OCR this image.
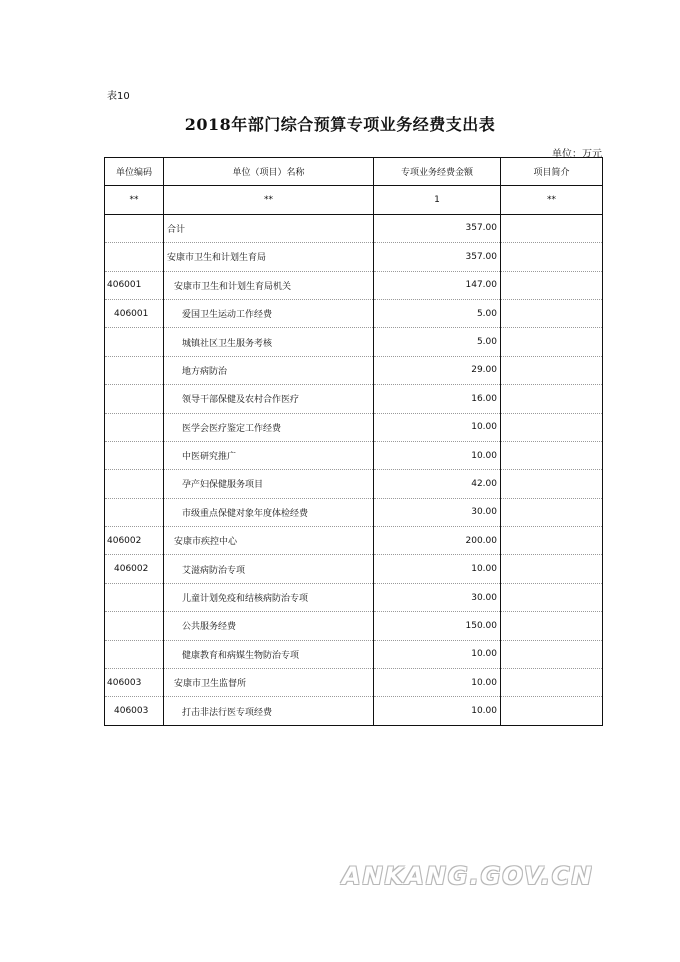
表10
2018年部门综合预算专项业务经费支出表
单位：万元
单位编码	单位（项目）名称	专项业务经费金额	项目简介
**	**	1	**
	合计	357.00	
	安康市卫生和计划生育局	357.00	
406001	安康市卫生和计划生育局机关	147.00	
406001	爱国卫生运动工作经费	5.00	
	城镇社区卫生服务考核	5.00	
	地方病防治	29.00	
	领导干部保健及农村合作医疗	16.00	
	医学会医疗鉴定工作经费	10.00	
	中医研究推广	10.00	
	孕产妇保健服务项目	42.00	
	市级重点保健对象年度体检经费	30.00	
406002	安康市疾控中心	200.00	
406002	艾滋病防治专项	10.00	
	儿童计划免疫和结核病防治专项	30.00	
	公共服务经费	150.00	
	健康教育和病媒生物防治专项	10.00	
406003	安康市卫生监督所	10.00	
406003	打击非法行医专项经费	10.00	
ANKANG.GOV.CN
